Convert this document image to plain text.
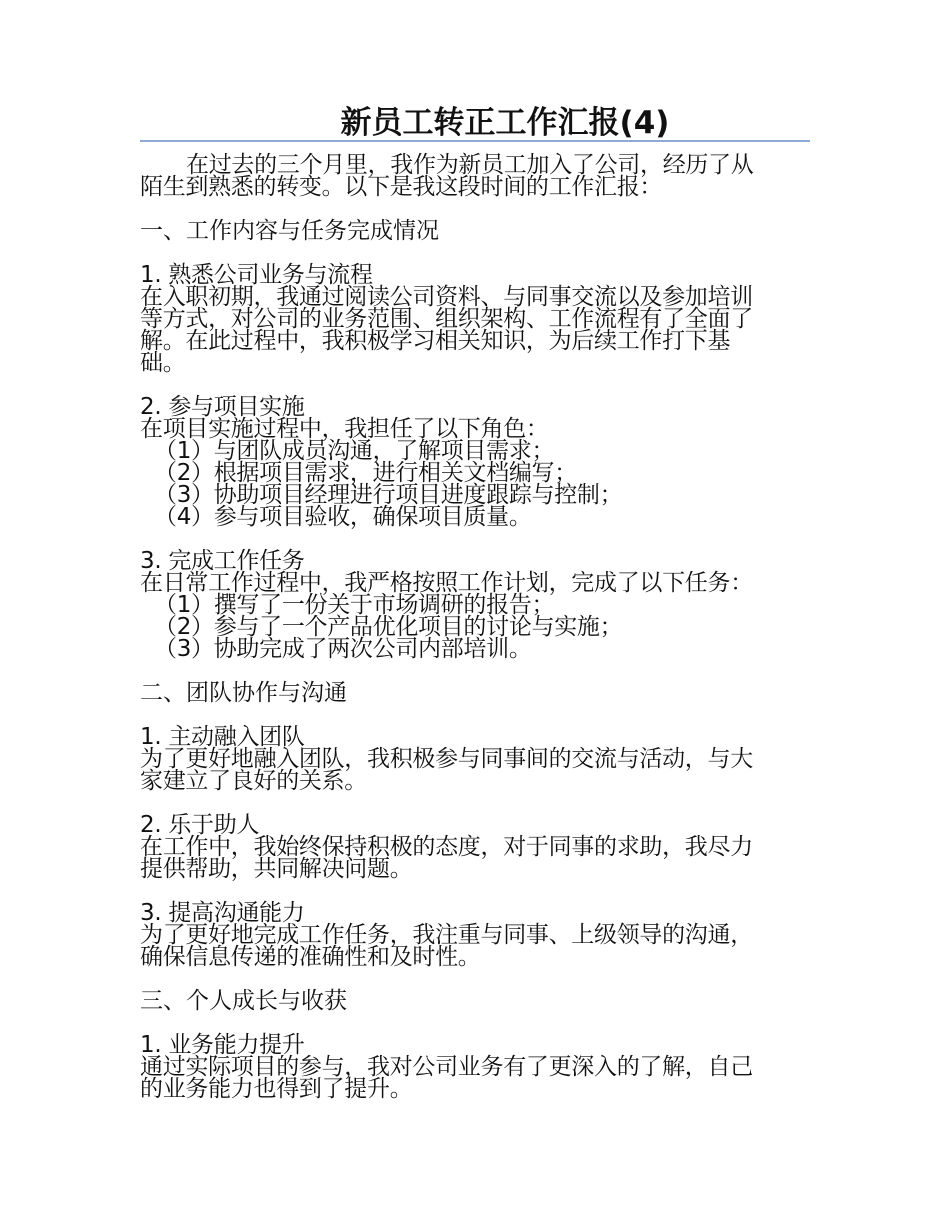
新员工转正工作汇报(4)

在过去的三个月里，我作为新员工加入了公司，经历了从

陌生到熟悉的转变。以下是我这段时间的工作汇报：

一、工作内容与任务完成情况

1. 熟悉公司业务与流程

在入职初期，我通过阅读公司资料、与同事交流以及参加培训

等方式，对公司的业务范围、组织架构、工作流程有了全面了

解。在此过程中，我积极学习相关知识，为后续工作打下基

础。

2. 参与项目实施

在项目实施过程中，我担任了以下角色：

（1）与团队成员沟通，了解项目需求；

（2）根据项目需求，进行相关文档编写；

（3）协助项目经理进行项目进度跟踪与控制；

（4）参与项目验收，确保项目质量。

3. 完成工作任务

在日常工作过程中，我严格按照工作计划，完成了以下任务：

（1）撰写了一份关于市场调研的报告；

（2）参与了一个产品优化项目的讨论与实施；

（3）协助完成了两次公司内部培训。

二、团队协作与沟通

1. 主动融入团队

为了更好地融入团队，我积极参与同事间的交流与活动，与大

家建立了良好的关系。

2. 乐于助人

在工作中，我始终保持积极的态度，对于同事的求助，我尽力

提供帮助，共同解决问题。

3. 提高沟通能力

为了更好地完成工作任务，我注重与同事、上级领导的沟通，

确保信息传递的准确性和及时性。

三、个人成长与收获

1. 业务能力提升

通过实际项目的参与，我对公司业务有了更深入的了解，自己

的业务能力也得到了提升。
